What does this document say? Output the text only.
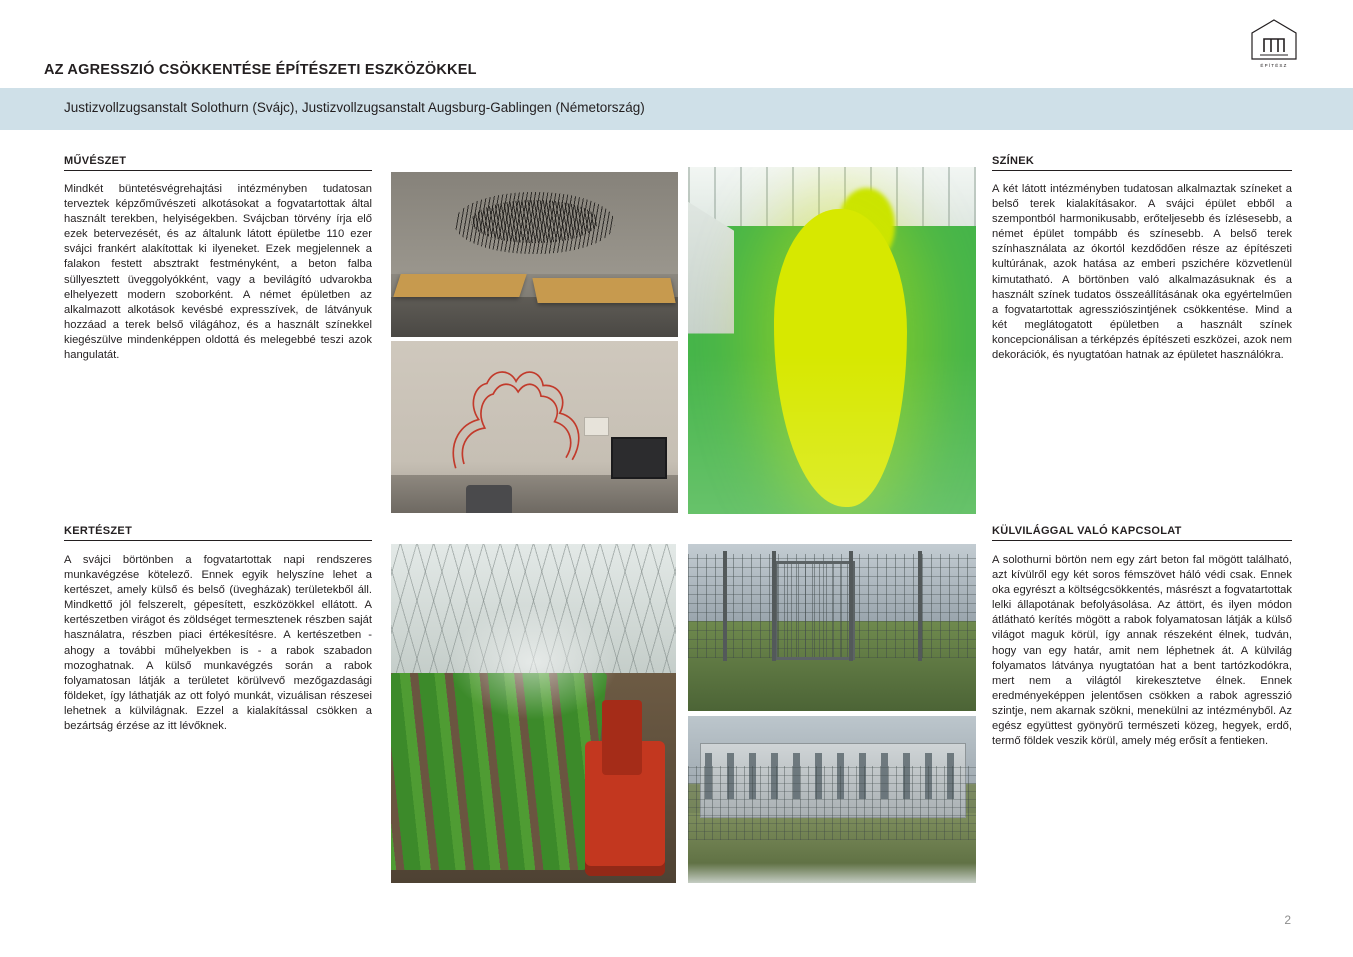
ÉPÍTÉSZ
AZ AGRESSZIÓ CSÖKKENTÉSE ÉPÍTÉSZETI ESZKÖZÖKKEL
Justizvollzugsanstalt Solothurn (Svájc), Justizvollzugsanstalt Augsburg-Gablingen (Németország)
MŰVÉSZET
Mindkét büntetésvégrehajtási intézményben tudatosan terveztek képzőművészeti alkotásokat a fogvatartottak által használt terekben, helyiségekben. Svájcban törvény írja elő ezek betervezését, és az általunk látott épületbe 110 ezer svájci frankért alakítottak ki ilyeneket. Ezek megjelennek a falakon festett absztrakt festményként, a beton falba süllyesztett üveggolyókként, vagy a bevilágító udvarokba elhelyezett modern szoborként. A német épületben az alkalmazott alkotások kevésbé expresszívek, de látványuk hozzáad a terek belső világához, és a használt színekkel kiegészülve mindenképpen oldottá és melegebbé teszi azok hangulatát.
SZÍNEK
A két látott intézményben tudatosan alkalmaztak színeket a belső terek kialakításakor. A svájci épület ebből a szempontból harmonikusabb, erőteljesebb és ízlésesebb, a német épület tompább és színesebb. A belső terek színhasználata az ókortól kezdődően része az építészeti kultúrának, azok hatása az emberi pszichére közvetlenül kimutatható. A börtönben való alkalmazásuknak és a használt színek tudatos összeállításának oka egyértelműen a fogvatartottak agressziószintjének csökkentése. Mind a két meglátogatott épületben a használt színek koncepcionálisan a térképzés építészeti eszközei, azok nem dekorációk, és nyugtatóan hatnak az épületet használókra.
KERTÉSZET
A svájci börtönben a fogvatartottak napi rendszeres munkavégzése kötelező. Ennek egyik helyszíne lehet a kertészet, amely külső és belső (üvegházak) területekből áll. Mindkettő jól felszerelt, gépesített, eszközökkel ellátott. A kertészetben virágot és zöldséget termesztenek részben saját használatra, részben piaci értékesítésre. A kertészetben - ahogy a további műhelyekben is - a rabok szabadon mozoghatnak. A külső munkavégzés során a rabok folyamatosan látják a területet körülvevő mezőgazdasági földeket, így láthatják az ott folyó munkát, vizuálisan részesei lehetnek a külvilágnak. Ezzel a kialakítással csökken a bezártság érzése az itt lévőknek.
KÜLVILÁGGAL VALÓ KAPCSOLAT
A solothurni börtön nem egy zárt beton fal mögött található, azt kívülről egy két soros fémszövet háló védi csak. Ennek oka egyrészt a költségcsökkentés, másrészt a fogvatartottak lelki állapotának befolyásolása. Az áttört, és ilyen módon átlátható kerítés mögött a rabok folyamatosan látják a külső világot maguk körül, így annak részeként élnek, tudván, hogy van egy határ, amit nem léphetnek át. A külvilág folyamatos látványa nyugtatóan hat a bent tartózkodókra, mert nem a világtól kirekesztetve élnek. Ennek eredményeképpen jelentősen csökken a rabok agresszió szintje, nem akarnak szökni, menekülni az intézményből. Az egész együttest gyönyörű természeti közeg, hegyek, erdő, termő földek veszik körül, amely még erősít a fentieken.
2
